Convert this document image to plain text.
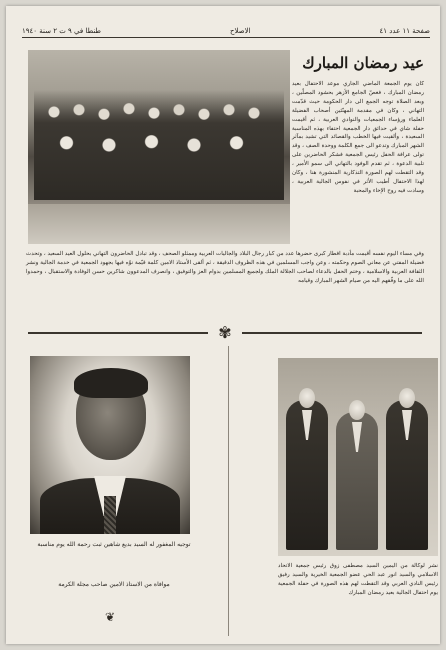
صفحة ١١ عدد ٤١
الاصلاح
طنطا في ٩ ت ٢ سنة ١٩٤٠
عيد رمضان المبارك
كان يوم الجمعة الماضي الجاري موعد الاحتفال بعيد رمضان المبارك ، فغصّ الجامع الأزهر بحشود المصلّين ، وبعد الصلاة توجه الجمع الى دار الحكومة حيث قدّمت التهاني ، وكان في مقدمة المهنّئين أصحاب الفضيلة العلماء ورؤساء الجمعيات والنوادي العربية ، ثم أقيمت حفلة شاي في حدائق دار الجمعية احتفاء بهذه المناسبة السعيدة ، وألقيت فيها الخطب والقصائد التي تشيد بمآثر الشهر المبارك وتدعو الى جمع الكلمة ووحدة الصف ، وقد تولى عرافة الحفل رئيس الجمعية فشكر الحاضرين على تلبية الدعوة ، ثم تقدم الوفود بالتهاني الى سمو الأمير ، وقد التقطت لهم الصورة التذكارية المنشورة هنا ، وكان لهذا الاحتفال أطيب الأثر في نفوس الجالية العربية ، وسادت فيه روح الإخاء والمحبة
وفي مساء اليوم نفسه أقيمت مأدبة افطار كبرى حضرها عدد من كبار رجال البلاد والجاليات العربية وممثلو الصحف ، وقد تبادل الحاضرون التهاني بحلول العيد السعيد ، وتحدث فضيلة المفتي عن معاني الصوم وحكمته ، وعن واجب المسلمين في هذه الظروف الدقيقة ، ثم ألقى الأستاذ الامين كلمة قيّمة نوّه فيها بجهود الجمعية في خدمة الجالية ونشر الثقافة العربية والاسلامية ، وختم الحفل بالدعاء لصاحب الجلالة الملك ولجميع المسلمين بدوام العز والتوفيق ، وانصرف المدعوون شاكرين حسن الوفادة والاستقبال ، وحمدوا الله على ما وفّقهم اليه من صيام الشهر المبارك وقيامه
✾
توجيه المغفور له السيد بديع شاهين ثبت رحمة الله يوم مناسبة
موافاة من الاستاذ الامين صاحب مجلة الكرمة
نشر لوكالة من اليمين السيد مصطفى زوق رئيس جمعية الاتحاد الاسلامي والسيد انور عبد الحي عضو الجمعية الخيرية والسيد رفيق رئيس النادي العربي وقد التقطت لهم هذه الصورة في حفلة الجمعية يوم احتفال الجالية بعيد رمضان المبارك
❦
